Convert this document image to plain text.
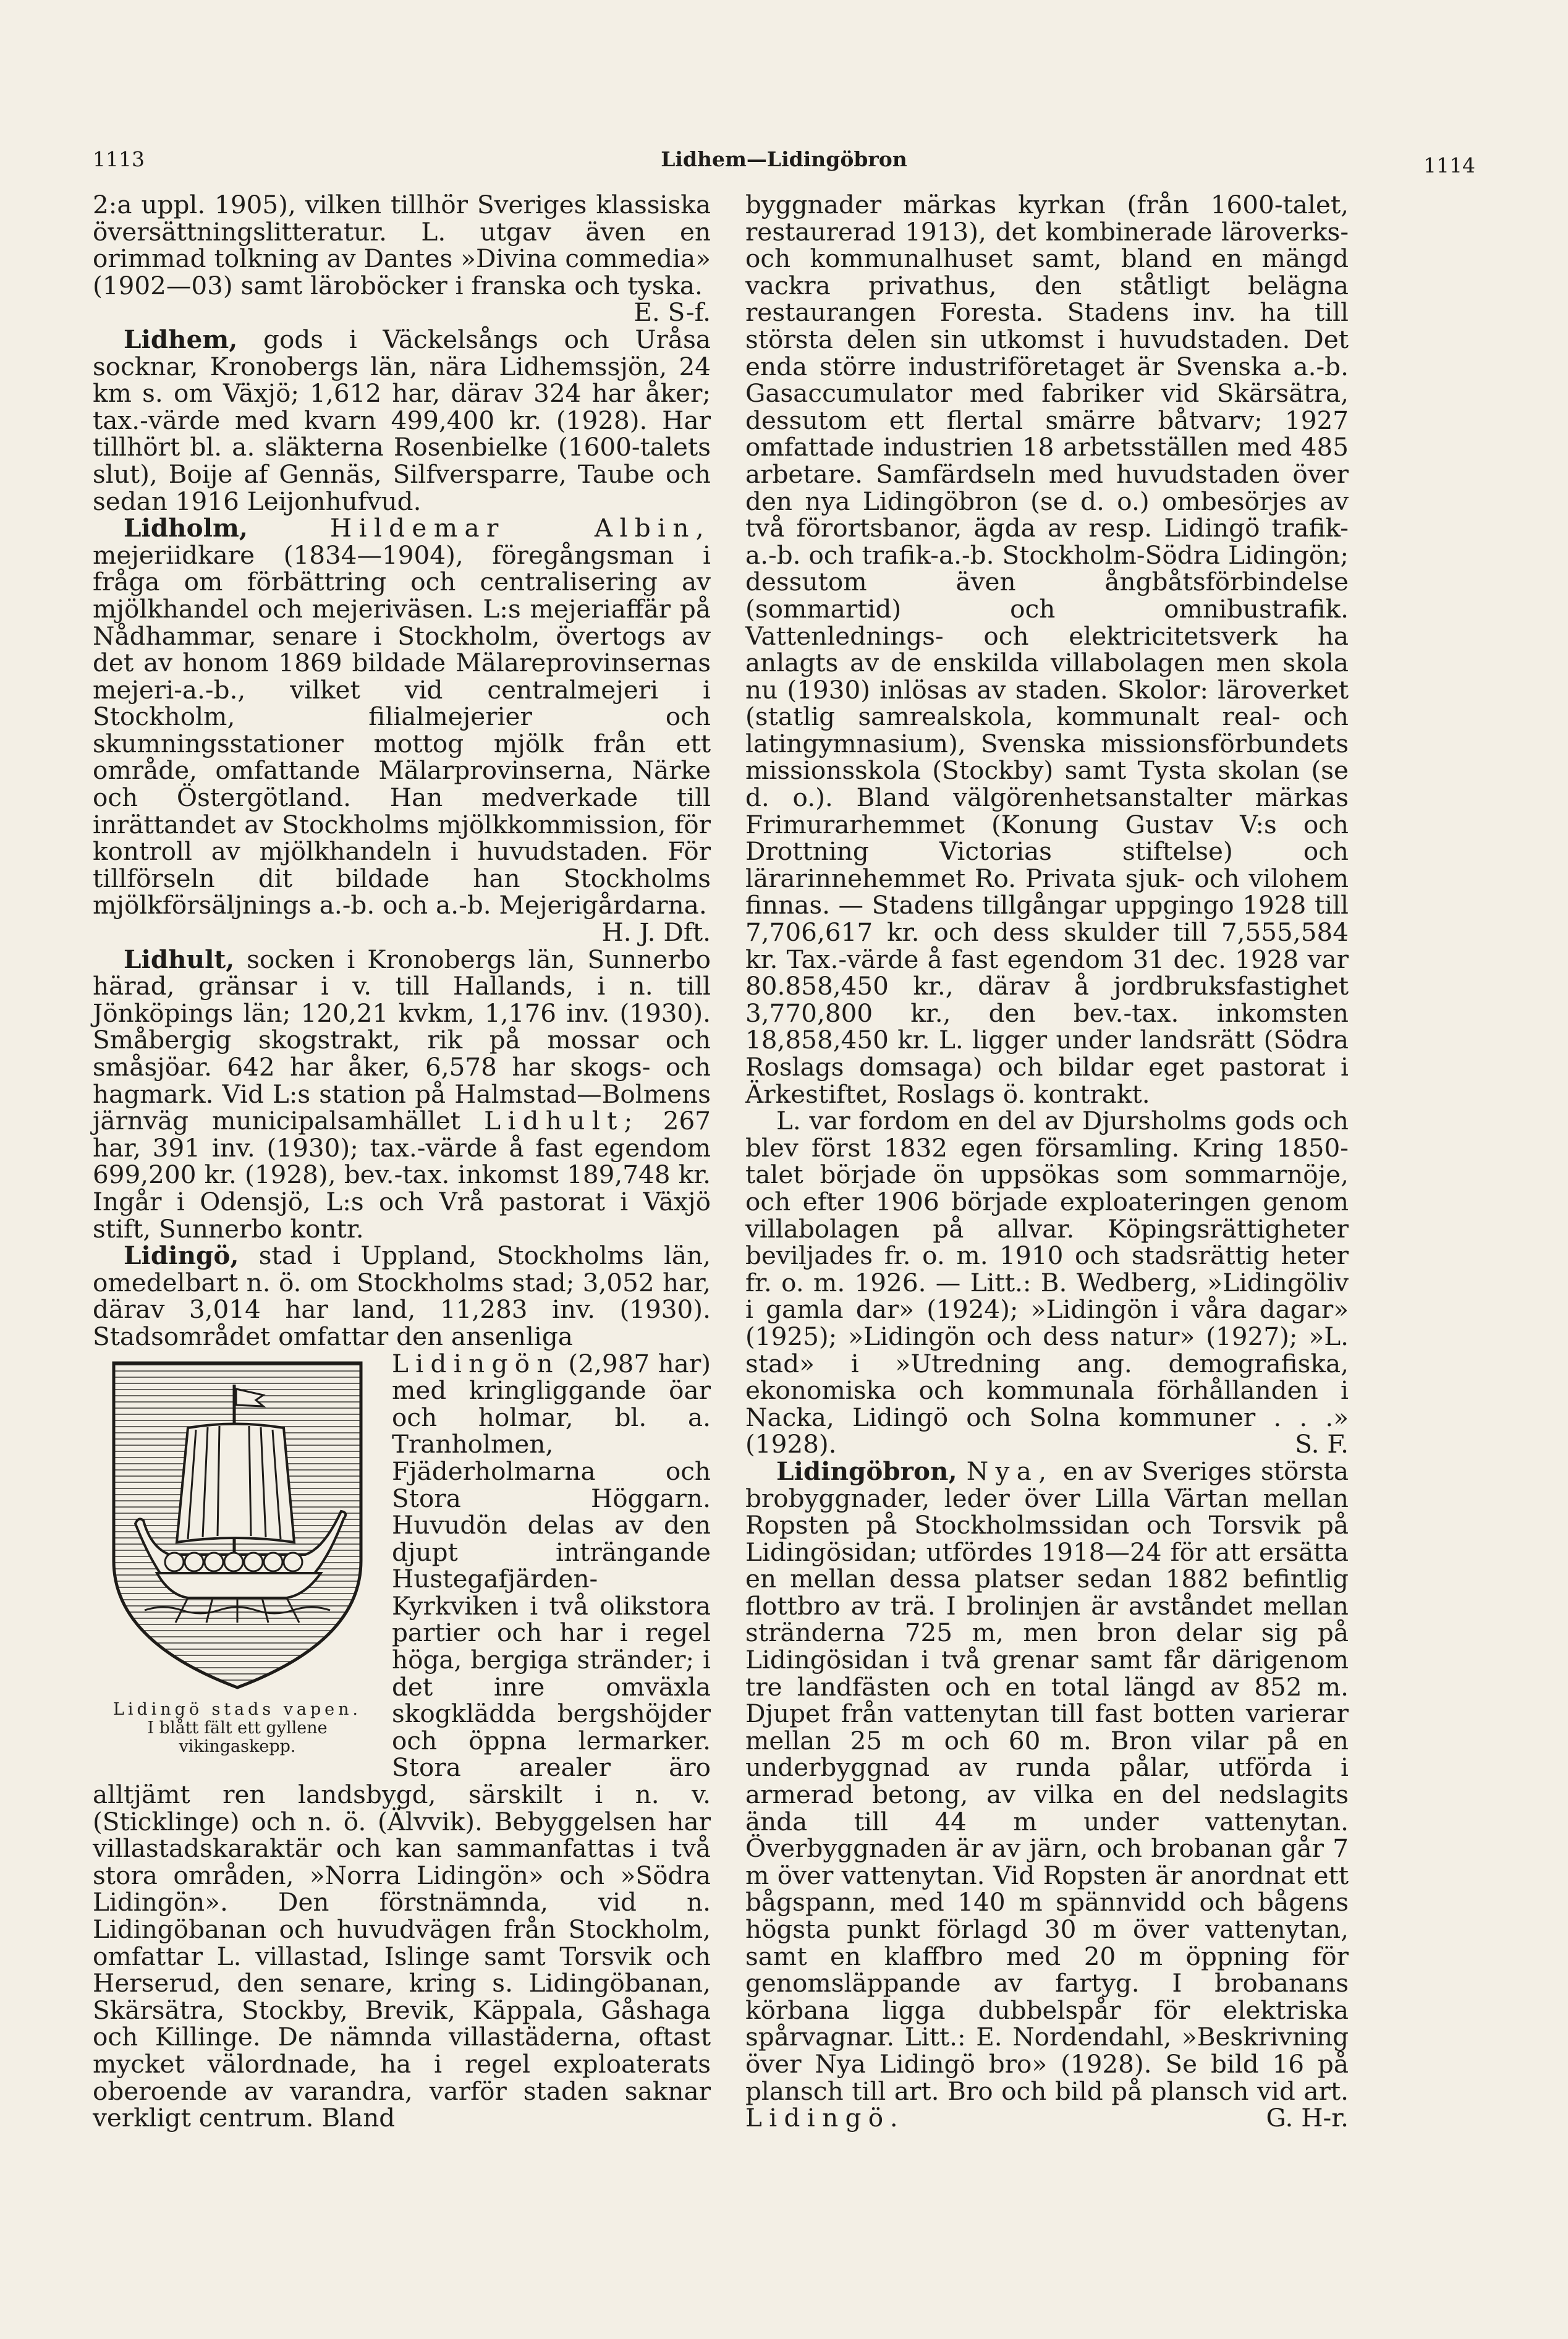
1113	Lidhem—Lidingöbron	1114

2:a uppl. 1905), vilken tillhör Sveriges klassiska översättningslitteratur. L. utgav även en orimmad tolkning av Dantes »Divina commedia» (1902—03) samt läroböcker i franska och tyska.
E. S-f.

Lidhem, gods i Väckelsångs och Uråsa socknar, Kronobergs län, nära Lidhemssjön, 24 km s. om Växjö; 1,612 har, därav 324 har åker; tax.-värde med kvarn 499,400 kr. (1928). Har tillhört bl. a. släkterna Rosenbielke (1600-talets slut), Boije af Gennäs, Silfversparre, Taube och sedan 1916 Leijonhufvud.

Lidholm,	Hildemar Albin, mejeriidkare (1834—1904), föregångsman i fråga om förbättring och centralisering av mjölkhandel och mejeriväsen. L:s mejeriaffär på Nådhammar, senare i Stockholm, övertogs av det av honom 1869 bildade Mälareprovinsernas mejeri-a.-b., vilket vid centralmejeri i Stockholm, filialmejerier och skumningsstationer mottog mjölk från ett område, omfattande Mälarprovinserna, Närke och Östergötland. Han medverkade till inrättandet av Stockholms mjölkkommission, för kontroll av mjölkhandeln i huvudstaden. För tillförseln dit bildade han Stockholms mjölkförsäljnings a.-b. och a.-b. Mejerigårdarna.
H. J. Dft.

Lidhult, socken i Kronobergs län, Sunnerbo härad, gränsar i v. till Hallands, i n. till Jönköpings län; 120,21 kvkm, 1,176 inv. (1930). Småbergig skogstrakt, rik på mossar och småsjöar. 642 har åker, 6,578 har skogs- och hagmark. Vid L:s station på Halmstad—Bolmens järnväg municipalsamhället Lidhult; 267 har, 391 inv. (1930); tax.-värde å fast egendom 699,200 kr. (1928), bev.-tax. inkomst 189,748 kr. Ingår i Odensjö, L:s och Vrå pastorat i Växjö stift, Sunnerbo kontr.

Lidingö, stad i Uppland, Stockholms län, omedelbart n. ö. om Stockholms stad; 3,052 har, därav 3,014 har land, 11,283 inv. (1930). Stadsområdet omfattar den ansenliga

Lidingö stads vapen.
I blått fält ett gyllene vikingaskepp.

Lidingön (2,987 har) med kringliggande öar och holmar, bl. a. Tranholmen, Fjäderholmarna och Stora Höggarn. Huvudön delas av den djupt inträngande Hustegafjärden-Kyrkviken i två olikstora partier och har i regel höga, bergiga stränder; i det inre omväxla skogklädda bergshöjder och öppna lermarker. Stora arealer äro alltjämt ren landsbygd, särskilt i n. v. (Sticklinge) och n. ö. (Älvvik). Bebyggelsen har villastadskaraktär och kan sammanfattas i två stora områden, »Norra Lidingön» och »Södra Lidingön». Den förstnämnda, vid n. Lidingöbanan och huvudvägen från Stockholm, omfattar L. villastad, Islinge samt Torsvik och Herserud, den senare, kring s. Lidingöbanan, Skärsätra, Stockby, Brevik, Käppala, Gåshaga och Killinge. De nämnda villastäderna, oftast mycket välordnade, ha i regel exploaterats oberoende av varandra, varför staden saknar verkligt centrum. Bland

byggnader märkas kyrkan (från 1600-talet, restaurerad 1913), det kombinerade läroverks- och kommunalhuset samt, bland en mängd vackra privathus, den ståtligt belägna restaurangen Foresta. Stadens inv. ha till största delen sin utkomst i huvudstaden. Det enda större industriföretaget är Svenska a.-b. Gasaccumulator med fabriker vid Skärsätra, dessutom ett flertal smärre båtvarv; 1927 omfattade industrien 18 arbetsställen med 485 arbetare. Samfärdseln med huvudstaden över den nya Lidingöbron (se d. o.) ombesörjes av två förortsbanor, ägda av resp. Lidingö trafik-a.-b. och trafik-a.-b. Stockholm-Södra Lidingön; dessutom även ångbåtsförbindelse (sommartid) och omnibustrafik. Vattenlednings- och elektricitetsverk ha anlagts av de enskilda villabolagen men skola nu (1930) inlösas av staden. Skolor: läroverket (statlig samrealskola, kommunalt real- och latingymnasium), Svenska missionsförbundets missionsskola (Stockby) samt Tysta skolan (se d. o.). Bland välgörenhetsanstalter märkas Frimurarhemmet (Konung Gustav V:s och Drottning Victorias stiftelse) och lärarinnehemmet Ro. Privata sjuk- och vilohem finnas. — Stadens tillgångar uppgingo 1928 till 7,706,617 kr. och dess skulder till 7,555,584 kr. Tax.-värde å fast egendom 31 dec. 1928 var 80.858,450 kr., därav å jordbruksfastighet 3,770,800 kr., den bev.-tax. inkomsten 18,858,450 kr. L. ligger under landsrätt (Södra Roslags domsaga) och bildar eget pastorat i Ärkestiftet, Roslags ö. kontrakt.

L. var fordom en del av Djursholms gods och blev först 1832 egen församling. Kring 1850-talet började ön uppsökas som sommarnöje, och efter 1906 började exploateringen genom villabolagen på allvar. Köpingsrättigheter beviljades fr. o. m. 1910 och stadsrättig heter fr. o. m. 1926. — Litt.: B. Wedberg, »Lidingöliv i gamla dar» (1924); »Lidingön i våra dagar» (1925); »Lidingön och dess natur» (1927); »L. stad» i »Utredning ang. demografiska, ekonomiska och kommunala förhållanden i Nacka, Lidingö och Solna kommuner . . .» (1928).	S. F.

Lidingöbron, Nya, en av Sveriges största brobyggnader, leder över Lilla Värtan mellan Ropsten på Stockholmssidan och Torsvik på Lidingösidan; utfördes 1918—24 för att ersätta en mellan dessa platser sedan 1882 befintlig flottbro av trä. I brolinjen är avståndet mellan stränderna 725 m, men bron delar sig på Lidingösidan i två grenar samt får därigenom tre landfästen och en total längd av 852 m. Djupet från vattenytan till fast botten varierar mellan 25 m och 60 m. Bron vilar på en underbyggnad av runda pålar, utförda i armerad betong, av vilka en del nedslagits ända till 44 m under vattenytan. Överbyggnaden är av järn, och brobanan går 7 m över vattenytan. Vid Ropsten är anordnat ett bågspann, med 140 m spännvidd och bågens högsta punkt förlagd 30 m över vattenytan, samt en klaffbro med 20 m öppning för genomsläppande av fartyg. I brobanans körbana ligga dubbelspår för elektriska spårvagnar. Litt.: E. Nordendahl, »Beskrivning över Nya Lidingö bro» (1928). Se bild 16 på plansch till art. Bro och bild på plansch vid art. Lidingö.	G. H-r.
